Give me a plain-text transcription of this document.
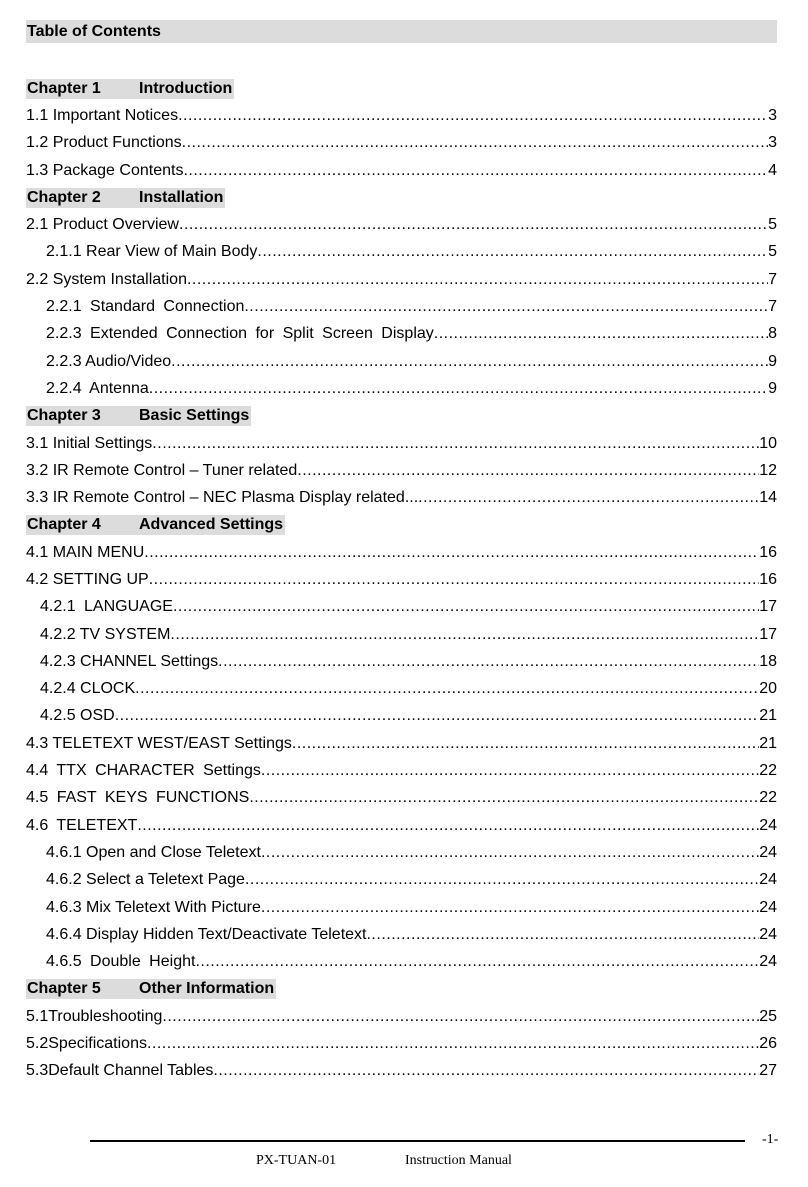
Table of Contents
Chapter 1	Introduction
1.1 Important Notices .....	3
1.2 Product Functions .....	3
1.3 Package Contents .....	4
Chapter 2	Installation
2.1 Product Overview .....	5
2.1.1 Rear View of Main Body .....	5
2.2 System Installation .....	7
2.2.1 Standard Connection .....	7
2.2.3 Extended Connection for Split Screen Display .....	8
2.2.3 Audio/Video .....	9
2.2.4 Antenna .....	9
Chapter 3	Basic Settings
3.1 Initial Settings .....	10
3.2 IR Remote Control – Tuner related .....	12
3.3 IR Remote Control – NEC Plasma Display related... .....	14
Chapter 4	Advanced Settings
4.1 MAIN MENU .....	16
4.2 SETTING UP .....	16
4.2.1 LANGUAGE .....	17
4.2.2 TV SYSTEM .....	17
4.2.3 CHANNEL Settings .....	18
4.2.4 CLOCK .....	20
4.2.5 OSD .....	21
4.3 TELETEXT WEST/EAST Settings .....	21
4.4 TTX CHARACTER Settings .....	22
4.5 FAST KEYS FUNCTIONS .....	22
4.6 TELETEXT .....	24
4.6.1 Open and Close Teletext .....	24
4.6.2 Select a Teletext Page .....	24
4.6.3 Mix Teletext With Picture .....	24
4.6.4 Display Hidden Text/Deactivate Teletext .....	24
4.6.5 Double Height .....	24
Chapter 5	Other Information
5.1 Troubleshooting .....	25
5.2 Specifications .....	26
5.3 Default Channel Tables .....	27
-1-
PX-TUAN-01	Instruction Manual
